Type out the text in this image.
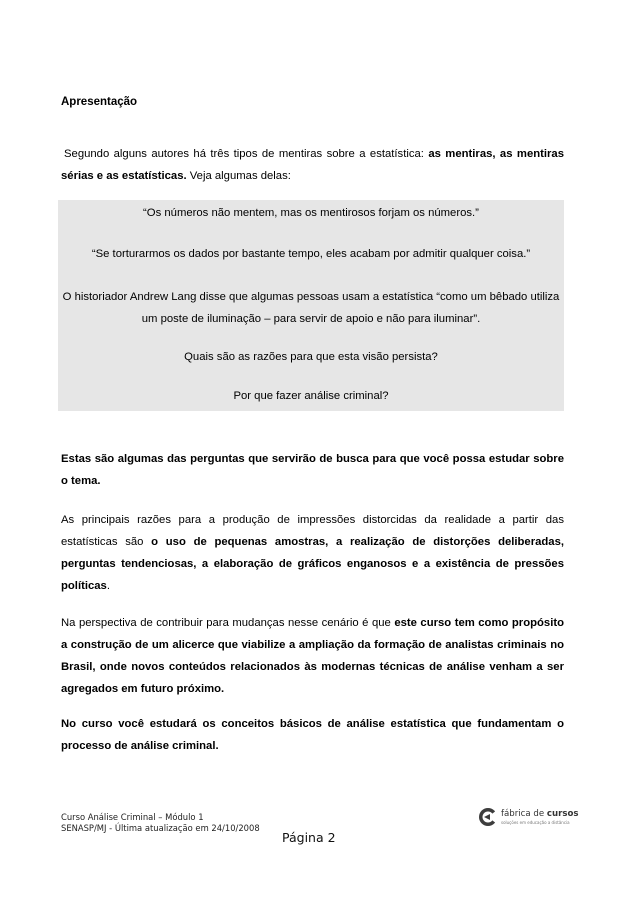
Apresentação
Segundo alguns autores há três tipos de mentiras sobre a estatística: as mentiras, as mentiras sérias e as estatísticas. Veja algumas delas:
“Os números não mentem, mas os mentirosos forjam os números.”
“Se torturarmos os dados por bastante tempo, eles acabam por admitir qualquer coisa.”
O historiador Andrew Lang disse que algumas pessoas usam a estatística “como um bêbado utiliza um poste de iluminação – para servir de apoio e não para iluminar”.
Quais são as razões para que esta visão persista?
Por que fazer análise criminal?
Estas são algumas das perguntas que servirão de busca para que você possa estudar sobre o tema.
As principais razões para a produção de impressões distorcidas da realidade a partir das estatísticas são o uso de pequenas amostras, a realização de distorções deliberadas, perguntas tendenciosas, a elaboração de gráficos enganosos e a existência de pressões políticas.
Na perspectiva de contribuir para mudanças nesse cenário é que este curso tem como propósito a construção de um alicerce que viabilize a ampliação da formação de analistas criminais no Brasil, onde novos conteúdos relacionados às modernas técnicas de análise venham a ser agregados em futuro próximo.
No curso você estudará os conceitos básicos de análise estatística que fundamentam o processo de análise criminal.
Curso Análise Criminal – Módulo 1
SENASP/MJ - Última atualização em 24/10/2008
Página 2
fábrica de cursos
soluções em educação a distância
